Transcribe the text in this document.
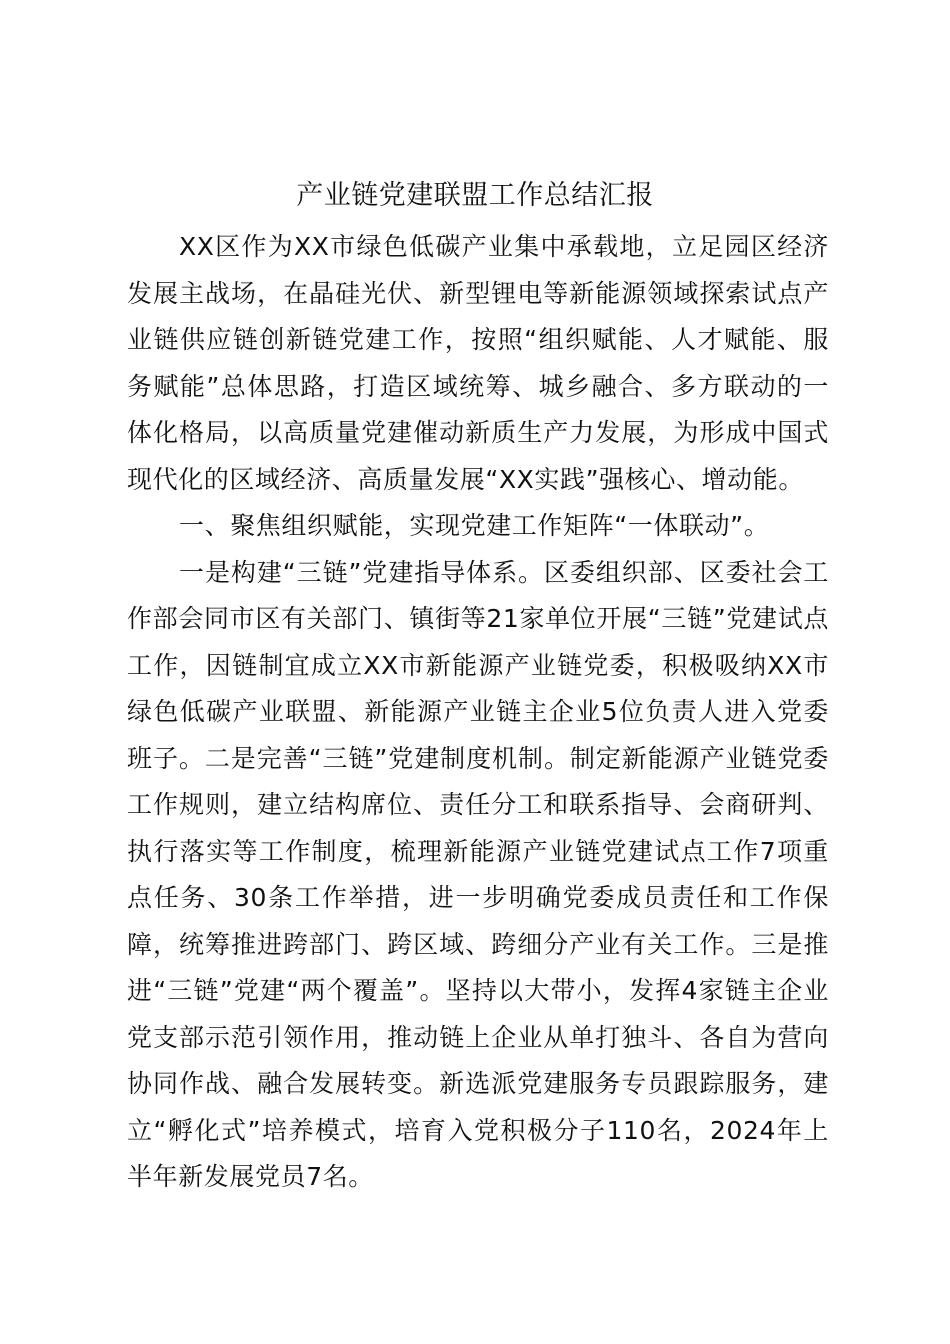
产业链党建联盟工作总结汇报

XX区作为XX市绿色低碳产业集中承载地，立足园区经济发展主战场，在晶硅光伏、新型锂电等新能源领域探索试点产业链供应链创新链党建工作，按照“组织赋能、人才赋能、服务赋能”总体思路，打造区域统筹、城乡融合、多方联动的一体化格局，以高质量党建催动新质生产力发展，为形成中国式现代化的区域经济、高质量发展“XX实践”强核心、增动能。

一、聚焦组织赋能，实现党建工作矩阵“一体联动”。

一是构建“三链”党建指导体系。区委组织部、区委社会工作部会同市区有关部门、镇街等21家单位开展“三链”党建试点工作，因链制宜成立XX市新能源产业链党委，积极吸纳XX市绿色低碳产业联盟、新能源产业链主企业5位负责人进入党委班子。二是完善“三链”党建制度机制。制定新能源产业链党委工作规则，建立结构席位、责任分工和联系指导、会商研判、执行落实等工作制度，梳理新能源产业链党建试点工作7项重点任务、30条工作举措，进一步明确党委成员责任和工作保障，统筹推进跨部门、跨区域、跨细分产业有关工作。三是推进“三链”党建“两个覆盖”。坚持以大带小，发挥4家链主企业党支部示范引领作用，推动链上企业从单打独斗、各自为营向协同作战、融合发展转变。新选派党建服务专员跟踪服务，建立“孵化式”培养模式，培育入党积极分子110名，2024年上半年新发展党员7名。
